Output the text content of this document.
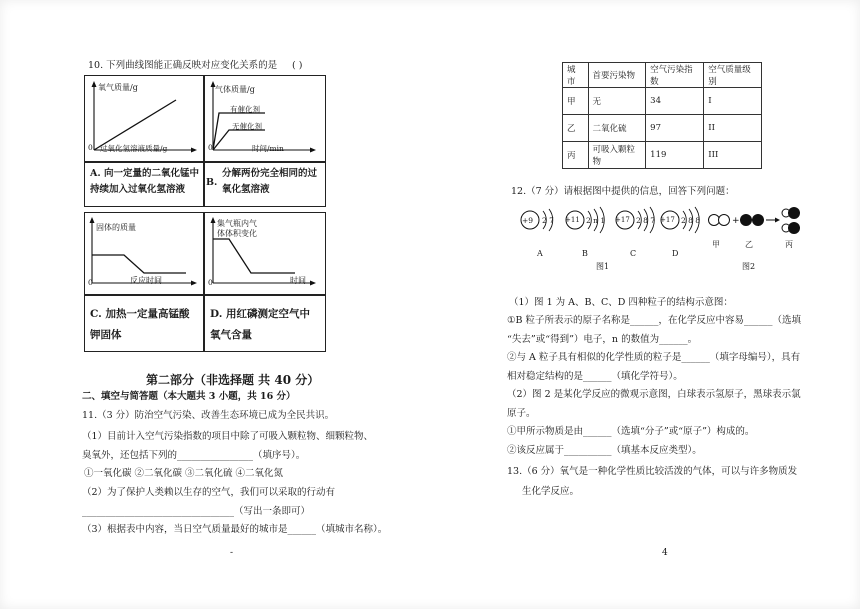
10. 下列曲线图能正确反映对应变化关系的是 ( )
氧气质量/g
过氧化氢溶液质量/g
0
气体质量/g
有催化剂
无催化剂
时间/min
0
A. 向一定量的二氧化锰中
持续加入过氧化氢溶液
B.
分解两份完全相同的过
氧化氢溶液
固体的质量
反应时间
0
集气瓶内气
体体积变化
时间
0
C. 加热一定量高锰酸
钾固体
D. 用红磷测定空气中
氧气含量
第二部分（非选择题 共 40 分）
二、填空与简答题（本大题共 3 小题，共 16 分）
11.（3 分）防治空气污染、改善生态环境已成为全民共识。
（1）目前计入空气污染指数的项目中除了可吸入颗粒物、细颗粒物、
臭氧外，还包括下列的________________（填序号）。
①一氧化碳 ②二氧化碳 ③二氧化硫 ④二氧化氮
（2）为了保护人类赖以生存的空气，我们可以采取的行动有
________________________________（写出一条即可）
（3）根据表中内容，当日空气质量最好的城市是______（填城市名称）。
-
城市	首要污染物	空气污染指数	空气质量级别
甲	无	34	I
乙	二氧化硫	97	II
丙	可吸入颗粒物	119	III
12.（7 分）请根据图中提供的信息，回答下列问题：
+9 2 7 +11 2 n 1 +17 2 8 7 +17 2 8 8
A	B	C	D
图1
+
甲	乙	丙
图2
（1）图 1 为 A、B、C、D 四种粒子的结构示意图：
①B 粒子所表示的原子名称是______，在化学反应中容易______（选填
“失去”或“得到”）电子，n 的数值为______。
②与 A 粒子具有相似的化学性质的粒子是______（填字母编号），具有
相对稳定结构的是______（填化学符号）。
（2）图 2 是某化学反应的微观示意图，白球表示氢原子，黑球表示氯
原子。
①甲所示物质是由______（选填“分子”或“原子”）构成的。
②该反应属于__________（填基本反应类型）。
13.（6 分）氧气是一种化学性质比较活泼的气体，可以与许多物质发
生化学反应。
4
